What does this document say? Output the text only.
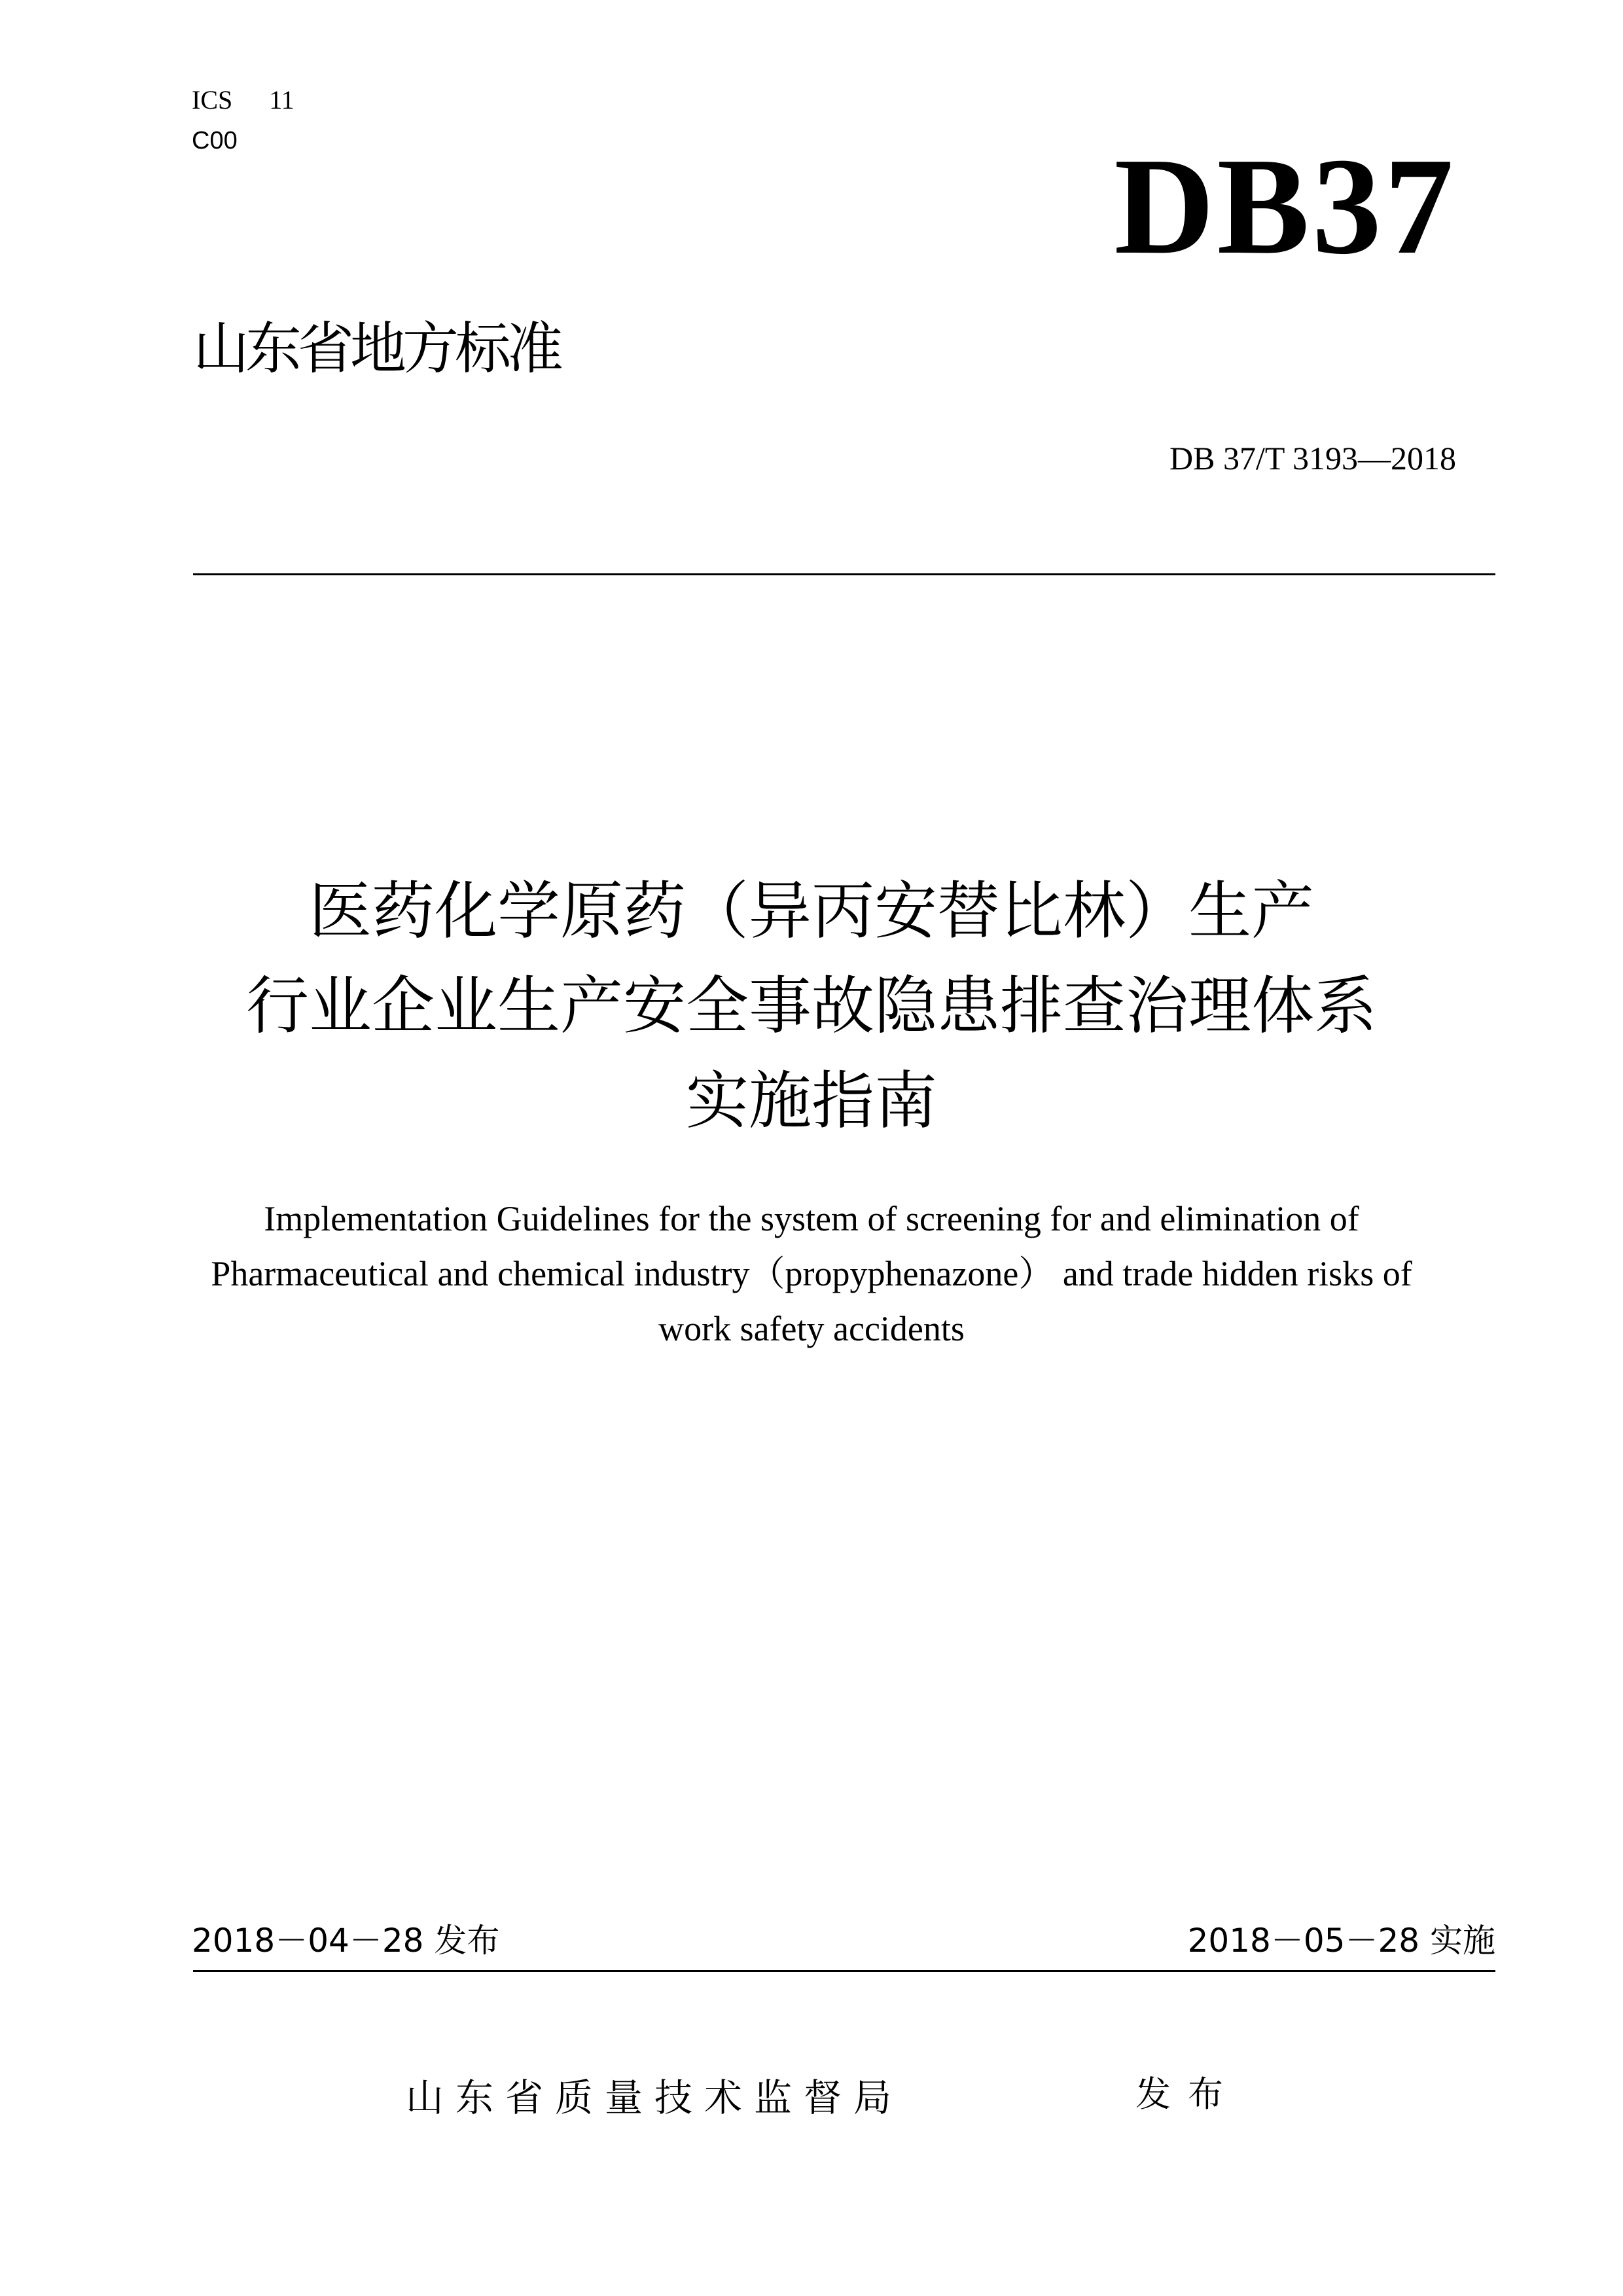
ICS 11
C00	DB37
山东省地方标准
DB 37/T 3193—2018
医药化学原药（异丙安替比林）生产
行业企业生产安全事故隐患排查治理体系
实施指南
Implementation Guidelines for the system of screening for and elimination of
Pharmaceutical and chemical industry（propyphenazone） and trade hidden risks of
work safety accidents
2018－04－28 发布	2018－05－28 实施
山东省质量技术监督局	发布
